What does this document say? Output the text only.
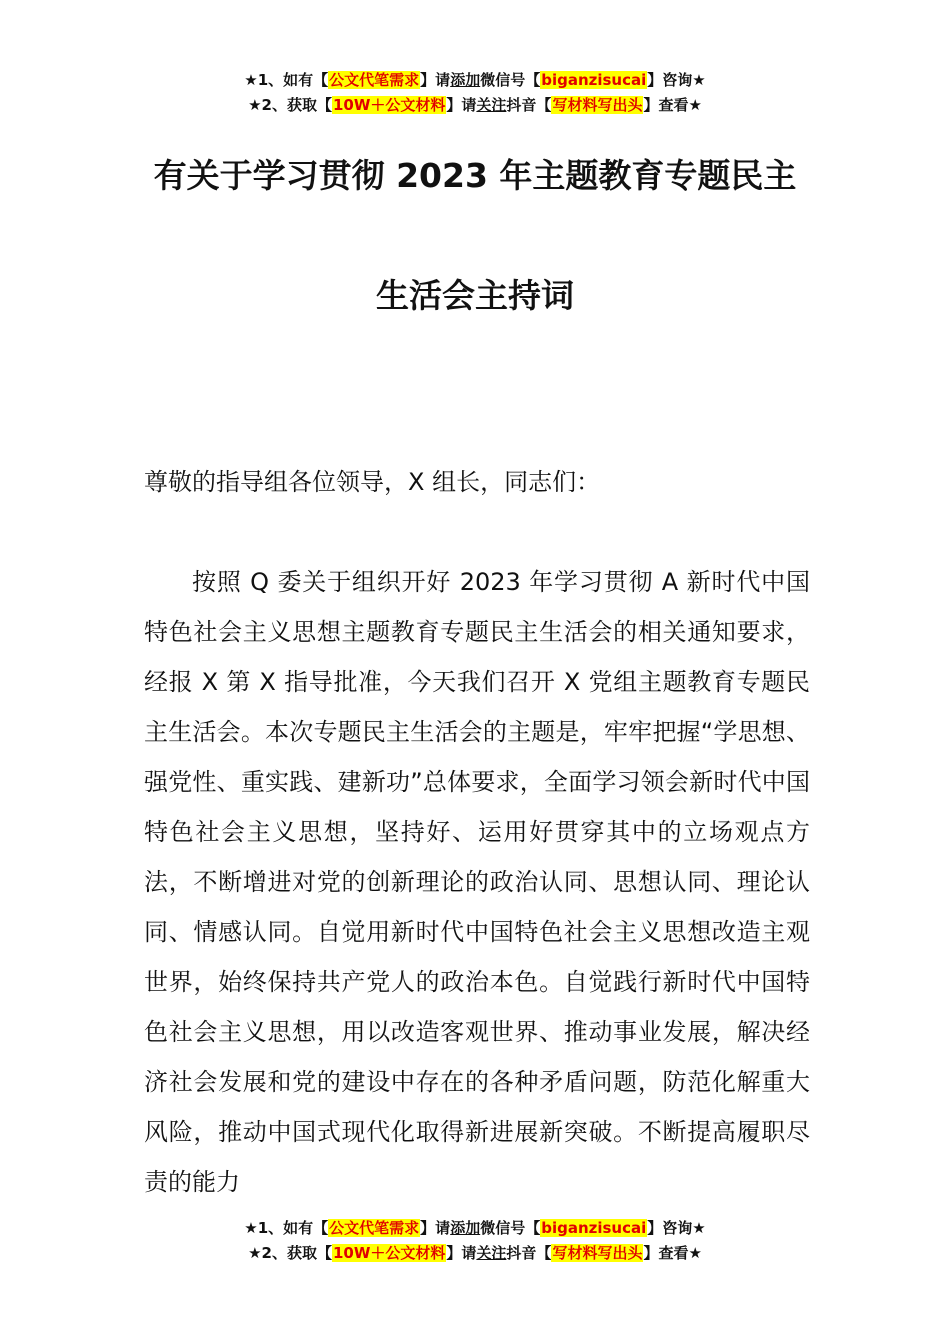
★1、如有【公文代笔需求】请添加微信号【biganzisucai】咨询★
★2、获取【10W＋公文材料】请关注抖音【写材料写出头】查看★
有关于学习贯彻 2023 年主题教育专题民主
生活会主持词

尊敬的指导组各位领导，X 组长，同志们：

按照 Q 委关于组织开好 2023 年学习贯彻 A 新时代中国特色社会主义思想主题教育专题民主生活会的相关通知要求，经报 X 第 X 指导批准，今天我们召开 X 党组主题教育专题民主生活会。本次专题民主生活会的主题是，牢牢把握“学思想、强党性、重实践、建新功”总体要求，全面学习领会新时代中国特色社会主义思想，坚持好、运用好贯穿其中的立场观点方法，不断增进对党的创新理论的政治认同、思想认同、理论认同、情感认同。自觉用新时代中国特色社会主义思想改造主观世界，始终保持共产党人的政治本色。自觉践行新时代中国特色社会主义思想，用以改造客观世界、推动事业发展，解决经济社会发展和党的建设中存在的各种矛盾问题，防范化解重大风险，推动中国式现代化取得新进展新突破。不断提高履职尽责的能力

★1、如有【公文代笔需求】请添加微信号【biganzisucai】咨询★
★2、获取【10W＋公文材料】请关注抖音【写材料写出头】查看★
